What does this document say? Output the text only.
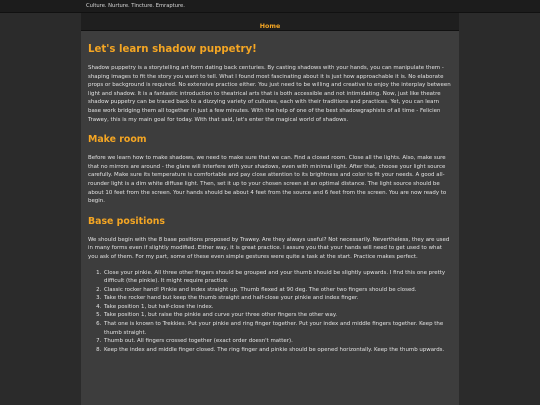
Culture. Nurture. Tincture. Emrapture.
Home
Let's learn shadow puppetry!

Shadow puppetry is a storytelling art form dating back centuries. By casting shadows with your hands, you can manipulate them - shaping images to fit the story you want to tell. What I found most fascinating about it is just how approachable it is. No elaborate props or background is required. No extensive practice either. You just need to be willing and creative to enjoy the interplay between light and shadow. It is a fantastic introduction to theatrical arts that is both accessible and not intimidating. Now, just like theatre shadow puppetry can be traced back to a dizzying variety of cultures, each with their traditions and practices. Yet, you can learn base work bridging them all together in just a few minutes. With the help of one of the best shadowgraphists of all time - Felicien Trawey, this is my main goal for today. With that said, let's enter the magical world of shadows.

Make room

Before we learn how to make shadows, we need to make sure that we can. Find a closed room. Close all the lights. Also, make sure that no mirrors are around - the glare will interfere with your shadows, even with minimal light. After that, choose your light source carefully. Make sure its temperature is comfortable and pay close attention to its brightness and color to fit your needs. A good all-rounder light is a dim white diffuse light. Then, set it up to your chosen screen at an optimal distance. The light source should be about 10 feet from the screen. Your hands should be about 4 feet from the source and 6 feet from the screen. You are now ready to begin.

Base positions

We should begin with the 8 base positions proposed by Trawey. Are they always useful? Not necessarily. Nevertheless, they are used in many forms even if slightly modified. Either way, it is great practice. I assure you that your hands will need to get used to what you ask of them. For my part, some of these even simple gestures were quite a task at the start. Practice makes perfect.

1. Close your pinkie. All three other fingers should be grouped and your thumb should be slightly upwards. I find this one pretty difficult (the pinkie). It might require practice.
2. Classic rocker hand! Pinkie and index straight up. Thumb flexed at 90 deg. The other two fingers should be closed.
3. Take the rocker hand but keep the thumb straight and half-close your pinkie and index finger.
4. Take position 1, but half-close the index.
5. Take position 1, but raise the pinkie and curve your three other fingers the other way.
6. That one is known to Trekkies. Put your pinkie and ring finger together. Put your index and middle fingers together. Keep the thumb straight.
7. Thumb out. All fingers crossed together (exact order doesn't matter).
8. Keep the index and middle finger closed. The ring finger and pinkie should be opened horizontally. Keep the thumb upwards.
